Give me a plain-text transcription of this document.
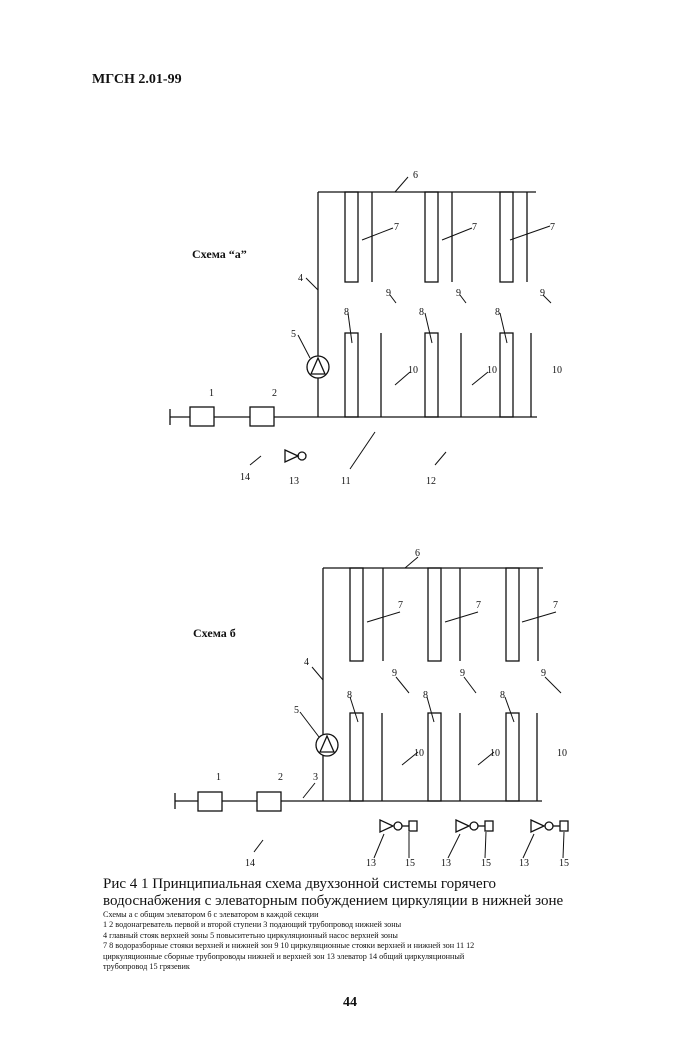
МГСН 2.01-99
Схема “а”
6
7	7	7
4
9	9	9
5
8	8	8
10	10	10
1	2
14	13	11	12
Схема б
6
7	7	7
4
9	9	9
8	8	8
5
10	10	10
3
1	2
14	13	15	13	15	13	15
Рис 4 1 Принципиальная схема двухзонной системы горячего
водоснабжения с элеваторным побуждением циркуляции в нижней зоне
Схемы а с общим элеватором б с элеватором в каждой секции
1 2 водонагреватель первой и второй ступени 3 подающий трубопровод нижней зоны
4 главный стояк верхней зоны 5 повыситетьно циркуляционный насос верхней зоны
7 8 водоразборные стояки верхней и нижней зон 9 10 циркуляционные стояки верхней и нижней зон 11 12
циркуляционные сборные трубопроводы нижней и верхней зон 13 элеватор 14 общий циркуляционный
трубопровод 15 грязевик
44
